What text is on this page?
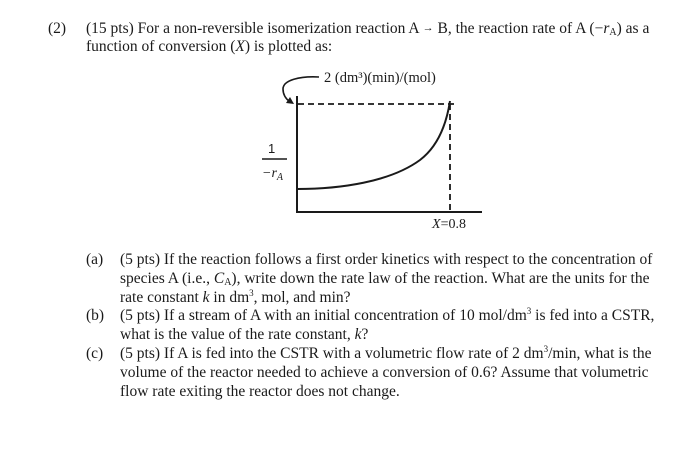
(2) (15 pts) For a non-reversible isomerization reaction A → B, the reaction rate of A $(-r_A)$ as a
function of conversion (X) is plotted as:
2 (dm³)(min)/(mol)
1
$-r_A$
X=0.8
(a) (5 pts) If the reaction follows a first order kinetics with respect to the concentration of
species A (i.e., $C_A$), write down the rate law of the reaction. What are the units for the
rate constant k in $dm^3$, mol, and min?
(b) (5 pts) If a stream of A with an initial concentration of 10 mol/$dm^3$ is fed into a CSTR,
what is the value of the rate constant, k?
(c) (5 pts) If A is fed into the CSTR with a volumetric flow rate of 2 $dm^3/\min$, what is the
volume of the reactor needed to achieve a conversion of 0.6? Assume that volumetric
flow rate exiting the reactor does not change.
